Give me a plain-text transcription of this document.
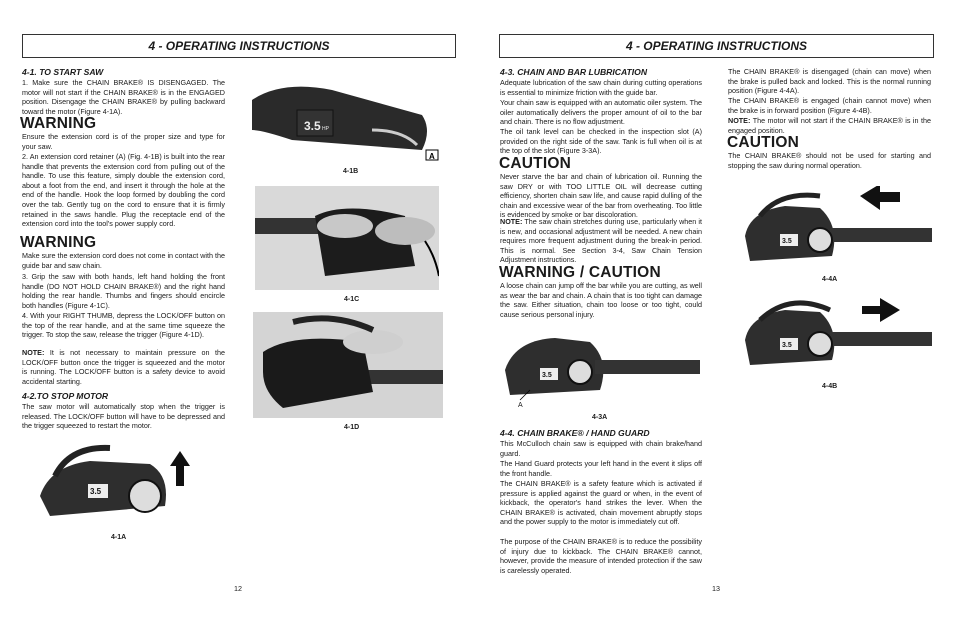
4 - OPERATING INSTRUCTIONS
4-1. TO START SAW

1. Make sure the CHAIN BRAKE® IS DISENGAGED. The motor will not start if the CHAIN BRAKE® is in the ENGAGED position. Disengage the CHAIN BRAKE® by pulling backward toward the motor (Figure 4-1A).

WARNING

Ensure the extension cord is of the proper size and type for your saw.

2. An extension cord retainer (A) (Fig. 4-1B) is built into the rear handle that prevents the extension cord from pulling out of the handle. To use this feature, simply double the extension cord, about a foot from the end, and insert it through the hole at the end of the handle. Hook the loop formed by doubling the cord over the tab. Gently tug on the cord to ensure that it is firmly retained in the saws handle. Plug the receptacle end of the extension cord into the tool's power supply cord.

WARNING

Make sure the extension cord does not come in contact with the guide bar and saw chain.

3. Grip the saw with both hands, left hand holding the front handle (DO NOT HOLD CHAIN BRAKE®) and the right hand holding the rear handle. Thumbs and fingers should encircle both handles (Figure 4-1C).

4. With your RIGHT THUMB, depress the LOCK/OFF button on the top of the rear handle, and at the same time squeeze the trigger. To stop the saw, release the trigger (Figure 4-1D).

NOTE: It is not necessary to maintain pressure on the LOCK/OFF button once the trigger is squeezed and the motor is running. The LOCK/OFF button is a safety device to avoid accidental starting.

4-2.TO STOP MOTOR

The saw motor will automatically stop when the trigger is released. The LOCK/OFF button will have to be depressed and the trigger squeezed to restart the motor.

3.5
4-1A
3.5 HP
A
4-1B
4-1C
4-1D
12
4 - OPERATING INSTRUCTIONS
4-3. CHAIN AND BAR LUBRICATION

Adequate lubrication of the saw chain during cutting operations is essential to minimize friction with the guide bar.

Your chain saw is equipped with an automatic oiler system. The oiler automatically delivers the proper amount of oil to the bar and chain. There is no flow adjustment.

The oil tank level can be checked in the inspection slot (A) provided on the right side of the saw. Tank is full when oil is at the top of the slot (Figure 3-3A).

CAUTION

Never starve the bar and chain of lubrication oil. Running the saw DRY or with TOO LITTLE OIL will decrease cutting efficiency, shorten chain saw life, and cause rapid dulling of the chain and excessive wear of the bar from overheating. Too little is evidenced by smoke or bar discoloration.

NOTE: The saw chain stretches during use, particularly when it is new, and occasional adjustment will be needed. A new chain requires more frequent adjustment during the break-in period. This is normal. See Section 3-4, Saw Chain Tension Adjustment instructions.

WARNING / CAUTION

A loose chain can jump off the bar while you are cutting, as well as wear the bar and chain. A chain that is too tight can damage the saw. Either situation, chain too loose or too tight, could cause serious personal injury.

3.5
A
4-3A
4-4. CHAIN BRAKE® / HAND GUARD

This McCulloch chain saw is equipped with chain brake/hand guard.

The Hand Guard protects your left hand in the event it slips off the front handle.

The CHAIN BRAKE® is a safety feature which is activated if pressure is applied against the guard or when, in the event of kickback, the operator's hand strikes the lever. When the CHAIN BRAKE® is activated, chain movement abruptly stops and the power supply to the motor is immediately cut off.

The purpose of the CHAIN BRAKE® is to reduce the possibility of injury due to kickback. The CHAIN BRAKE® cannot, however, provide the measure of intended protection if the saw is carelessly operated.

The CHAIN BRAKE® is disengaged (chain can move) when the brake is pulled back and locked. This is the normal running position (Figure 4-4A).

The CHAIN BRAKE® is engaged (chain cannot move) when the brake is in forward position (Figure 4-4B).

NOTE: The motor will not start if the CHAIN BRAKE® is in the engaged position.

CAUTION

The CHAIN BRAKE® should not be used for starting and stopping the saw during normal operation.

3.5
4-4A
3.5
4-4B
13
